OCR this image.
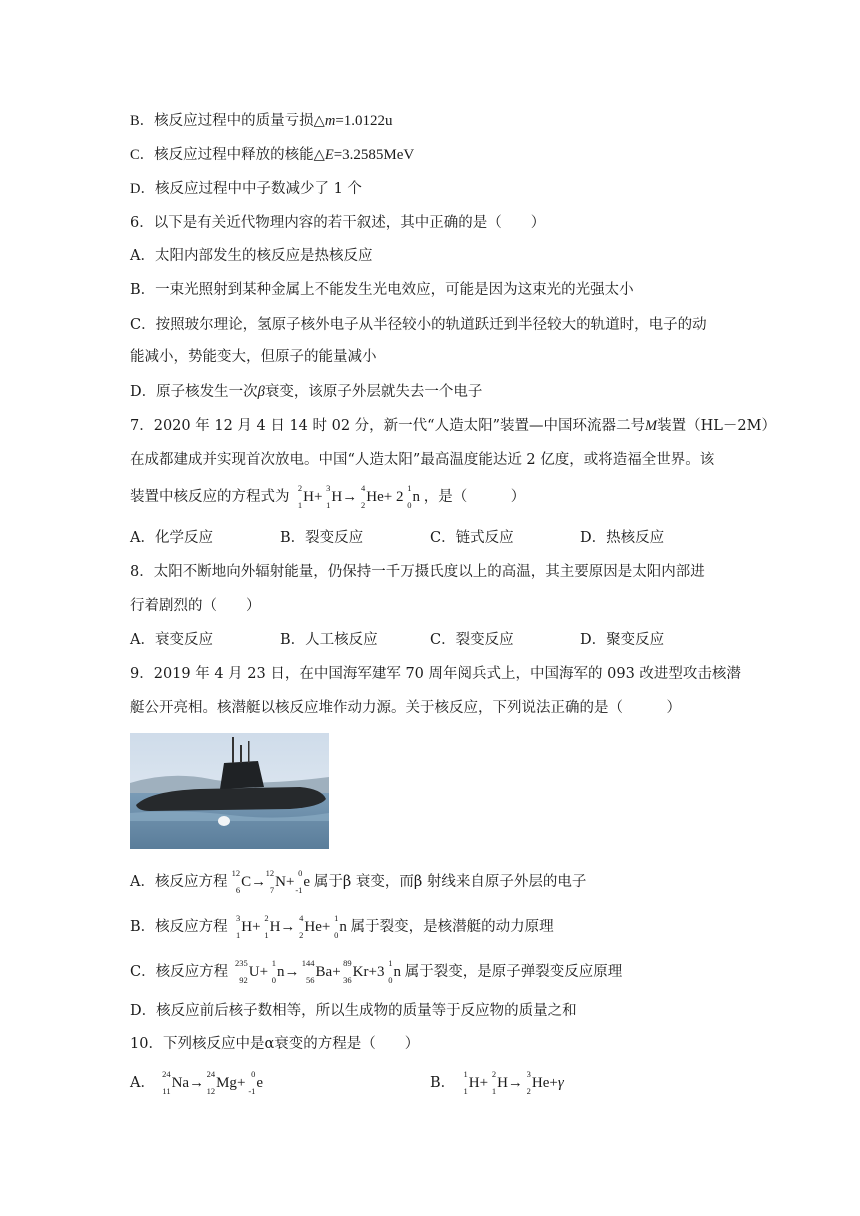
B．核反应过程中的质量亏损△m=1.0122u
C．核反应过程中释放的核能△E=3.2585MeV
D．核反应过程中中子数减少了 1 个
6．以下是有关近代物理内容的若干叙述，其中正确的是（　　）
A．太阳内部发生的核反应是热核反应
B．一束光照射到某种金属上不能发生光电效应，可能是因为这束光的光强太小
C．按照玻尔理论，氢原子核外电子从半径较小的轨道跃迁到半径较大的轨道时，电子的动
能减小，势能变大，但原子的能量减小
D．原子核发生一次β衰变，该原子外层就失去一个电子
7．2020 年 12 月 4 日 14 时 02 分，新一代“人造太阳”装置—中国环流器二号M装置（HL－2M）
在成都建成并实现首次放电。中国“人造太阳”最高温度能达近 2 亿度，或将造福全世界。该
装置中核反应的方程式为
2
1 H+
3
1 H→
4
2 He+ 2
1
0 n ，是（　　　）
A．化学反应	B．裂变反应	C．链式反应	D．热核反应
8．太阳不断地向外辐射能量，仍保持一千万摄氏度以上的高温，其主要原因是太阳内部进
行着剧烈的（　　）
A．衰变反应	B．人工核反应	C．裂变反应	D．聚变反应
9．2019 年 4 月 23 日，在中国海军建军 70 周年阅兵式上，中国海军的 093 改进型攻击核潜
艇公开亮相。核潜艇以核反应堆作动力源。关于核反应，下列说法正确的是（　　　）
A．核反应方程
12
6 C→
12
7 N+
0
-1 e 属于β 衰变，而β 射线来自原子外层的电子
B．核反应方程
3
1 H+
2
1 H→
4
2 He+
1
0 n 属于裂变，是核潜艇的动力原理
C．核反应方程
235
92 U+
1
0 n→
144
56 Ba+
89
36 Kr+3
1
0 n 属于裂变，是原子弹裂变反应原理
D．核反应前后核子数相等，所以生成物的质量等于反应物的质量之和
10．下列核反应中是α衰变的方程是（　　）
A．
24
11 Na→
24
12 Mg+
0
-1 e	B．
1
1 H+
2
1 H→
3
2 He+γ
